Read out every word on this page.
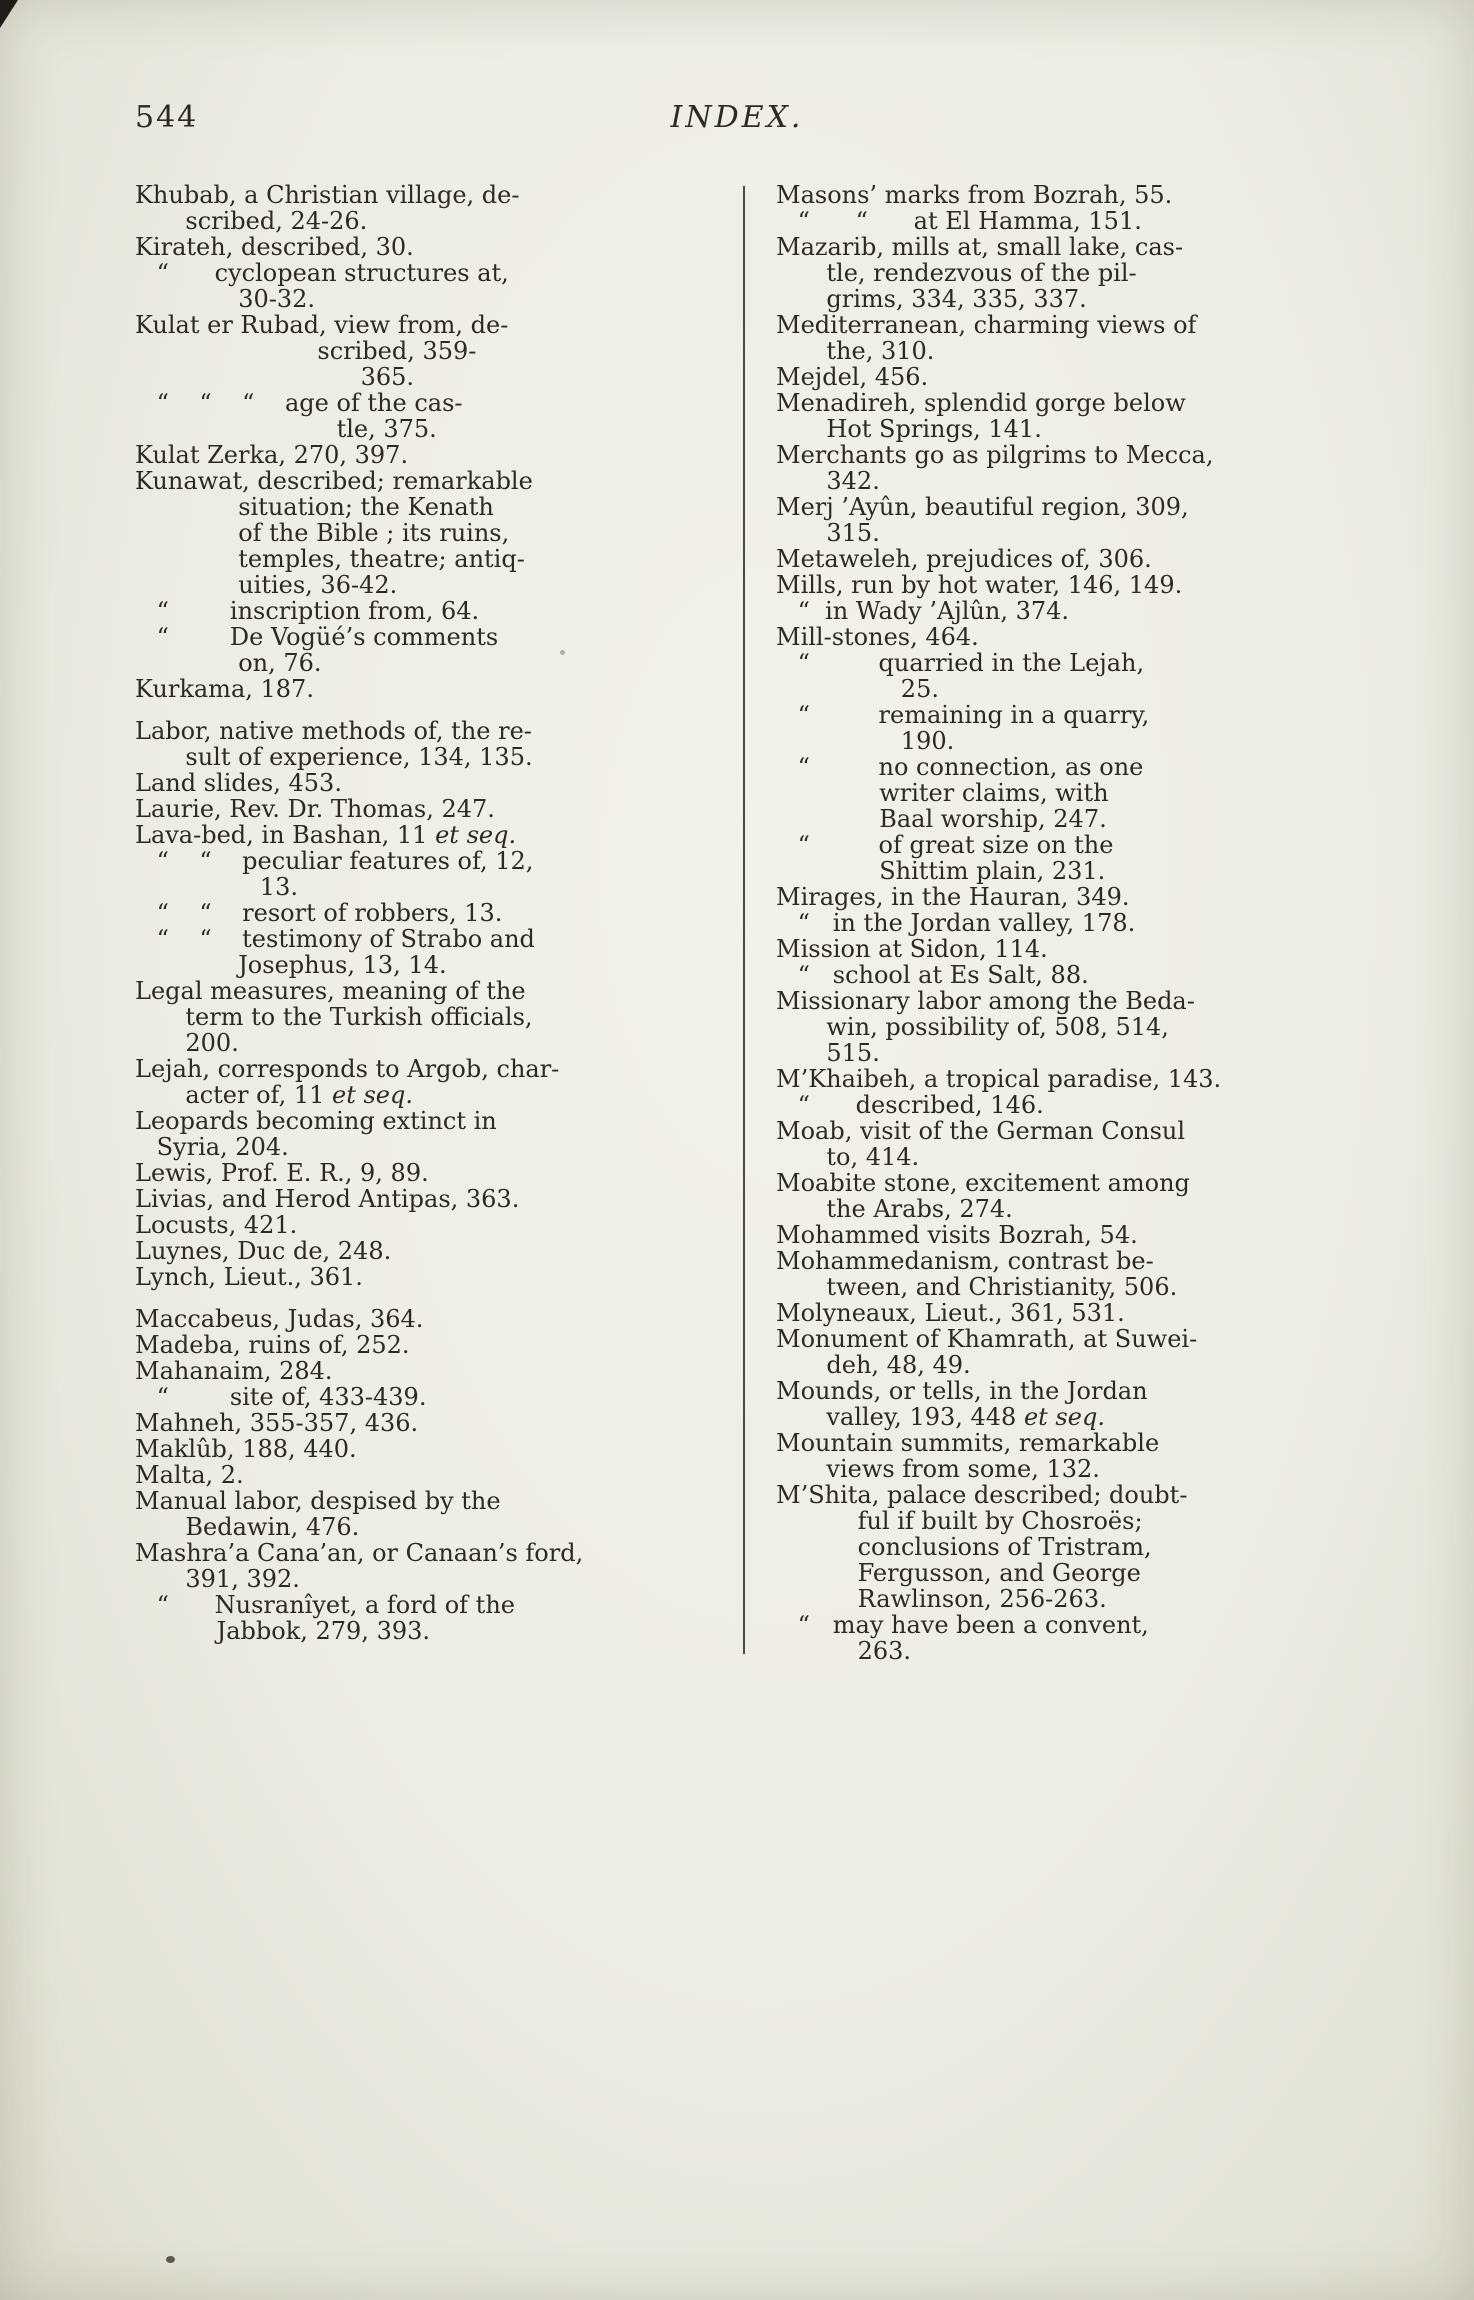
544	INDEX.
Khubab, a Christian village, de-
scribed, 24-26.
Kirateh, described, 30.
“      cyclopean structures at,
30-32.
Kulat er Rubad, view from, de-
scribed, 359-
365.
“    “    “    age of the cas-
tle, 375.
Kulat Zerka, 270, 397.
Kunawat, described; remarkable
situation; the Kenath
of the Bible ; its ruins,
temples, theatre; antiq-
uities, 36-42.
“        inscription from, 64.
“        De Vogüé’s comments
on, 76.
Kurkama, 187.
Labor, native methods of, the re-
sult of experience, 134, 135.
Land slides, 453.
Laurie, Rev. Dr. Thomas, 247.
Lava-bed, in Bashan, 11 et seq.
“    “    peculiar features of, 12,
13.
“    “    resort of robbers, 13.
“    “    testimony of Strabo and
Josephus, 13, 14.
Legal measures, meaning of the
term to the Turkish officials,
200.
Lejah, corresponds to Argob, char-
acter of, 11 et seq.
Leopards becoming extinct in
Syria, 204.
Lewis, Prof. E. R., 9, 89.
Livias, and Herod Antipas, 363.
Locusts, 421.
Luynes, Duc de, 248.
Lynch, Lieut., 361.
Maccabeus, Judas, 364.
Madeba, ruins of, 252.
Mahanaim, 284.
“        site of, 433-439.
Mahneh, 355-357, 436.
Maklûb, 188, 440.
Malta, 2.
Manual labor, despised by the
Bedawin, 476.
Mashra’a Cana’an, or Canaan’s ford,
391, 392.
“      Nusranîyet, a ford of the
Jabbok, 279, 393.
Masons’ marks from Bozrah, 55.
“      “      at El Hamma, 151.
Mazarib, mills at, small lake, cas-
tle, rendezvous of the pil-
grims, 334, 335, 337.
Mediterranean, charming views of
the, 310.
Mejdel, 456.
Menadireh, splendid gorge below
Hot Springs, 141.
Merchants go as pilgrims to Mecca,
342.
Merj ’Ayûn, beautiful region, 309,
315.
Metaweleh, prejudices of, 306.
Mills, run by hot water, 146, 149.
“  in Wady ’Ajlûn, 374.
Mill-stones, 464.
“         quarried in the Lejah,
25.
“         remaining in a quarry,
190.
“         no connection, as one
writer claims, with
Baal worship, 247.
“         of great size on the
Shittim plain, 231.
Mirages, in the Hauran, 349.
“   in the Jordan valley, 178.
Mission at Sidon, 114.
“   school at Es Salt, 88.
Missionary labor among the Beda-
win, possibility of, 508, 514,
515.
M’Khaibeh, a tropical paradise, 143.
“      described, 146.
Moab, visit of the German Consul
to, 414.
Moabite stone, excitement among
the Arabs, 274.
Mohammed visits Bozrah, 54.
Mohammedanism, contrast be-
tween, and Christianity, 506.
Molyneaux, Lieut., 361, 531.
Monument of Khamrath, at Suwei-
deh, 48, 49.
Mounds, or tells, in the Jordan
valley, 193, 448 et seq.
Mountain summits, remarkable
views from some, 132.
M’Shita, palace described; doubt-
ful if built by Chosroës;
conclusions of Tristram,
Fergusson, and George
Rawlinson, 256-263.
“   may have been a convent,
263.
